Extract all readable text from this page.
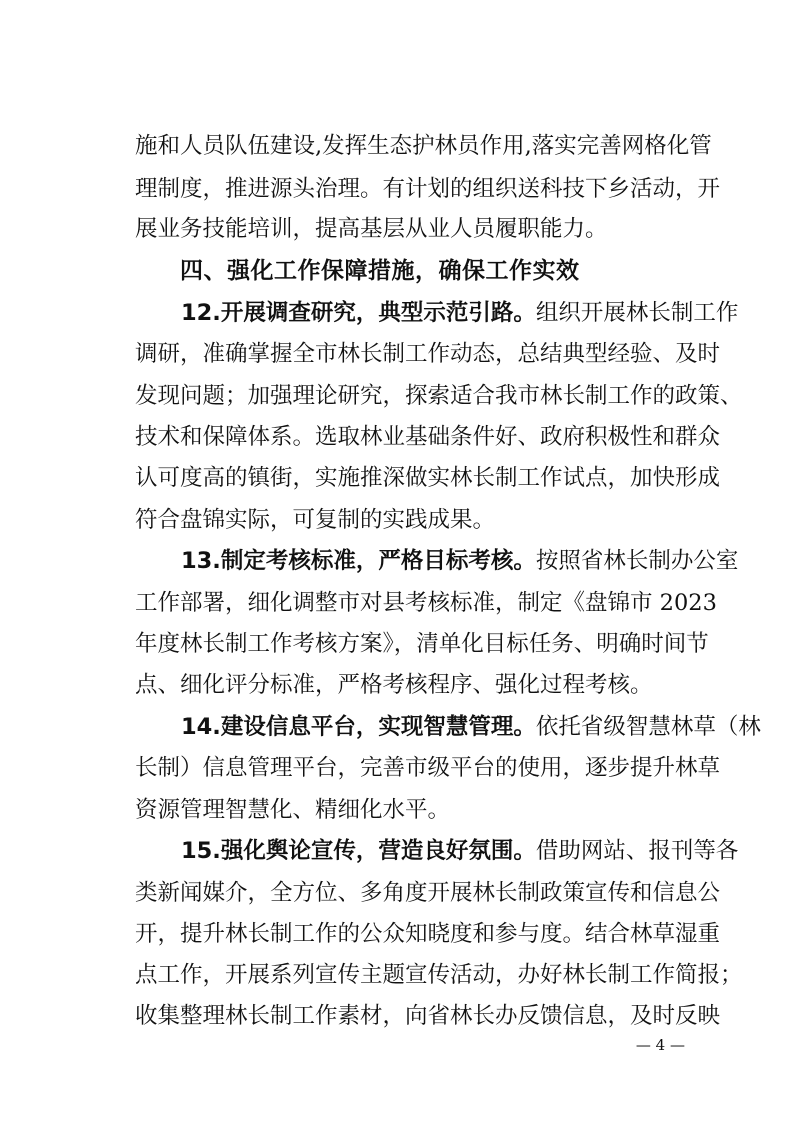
施和人员队伍建设,发挥生态护林员作用,落实完善网格化管
理制度，推进源头治理。有计划的组织送科技下乡活动，开
展业务技能培训，提高基层从业人员履职能力。
四、强化工作保障措施，确保工作实效
12.开展调查研究，典型示范引路。组织开展林长制工作
调研，准确掌握全市林长制工作动态，总结典型经验、及时
发现问题；加强理论研究，探索适合我市林长制工作的政策、
技术和保障体系。选取林业基础条件好、政府积极性和群众
认可度高的镇街，实施推深做实林长制工作试点，加快形成
符合盘锦实际，可复制的实践成果。
13.制定考核标准，严格目标考核。按照省林长制办公室
工作部署，细化调整市对县考核标准，制定《盘锦市 2023
年度林长制工作考核方案》，清单化目标任务、明确时间节
点、细化评分标准，严格考核程序、强化过程考核。
14.建设信息平台，实现智慧管理。依托省级智慧林草（林
长制）信息管理平台，完善市级平台的使用，逐步提升林草
资源管理智慧化、精细化水平。
15.强化舆论宣传，营造良好氛围。借助网站、报刊等各
类新闻媒介，全方位、多角度开展林长制政策宣传和信息公
开，提升林长制工作的公众知晓度和参与度。结合林草湿重
点工作，开展系列宣传主题宣传活动，办好林长制工作简报；
收集整理林长制工作素材，向省林长办反馈信息，及时反映
— 4 —
